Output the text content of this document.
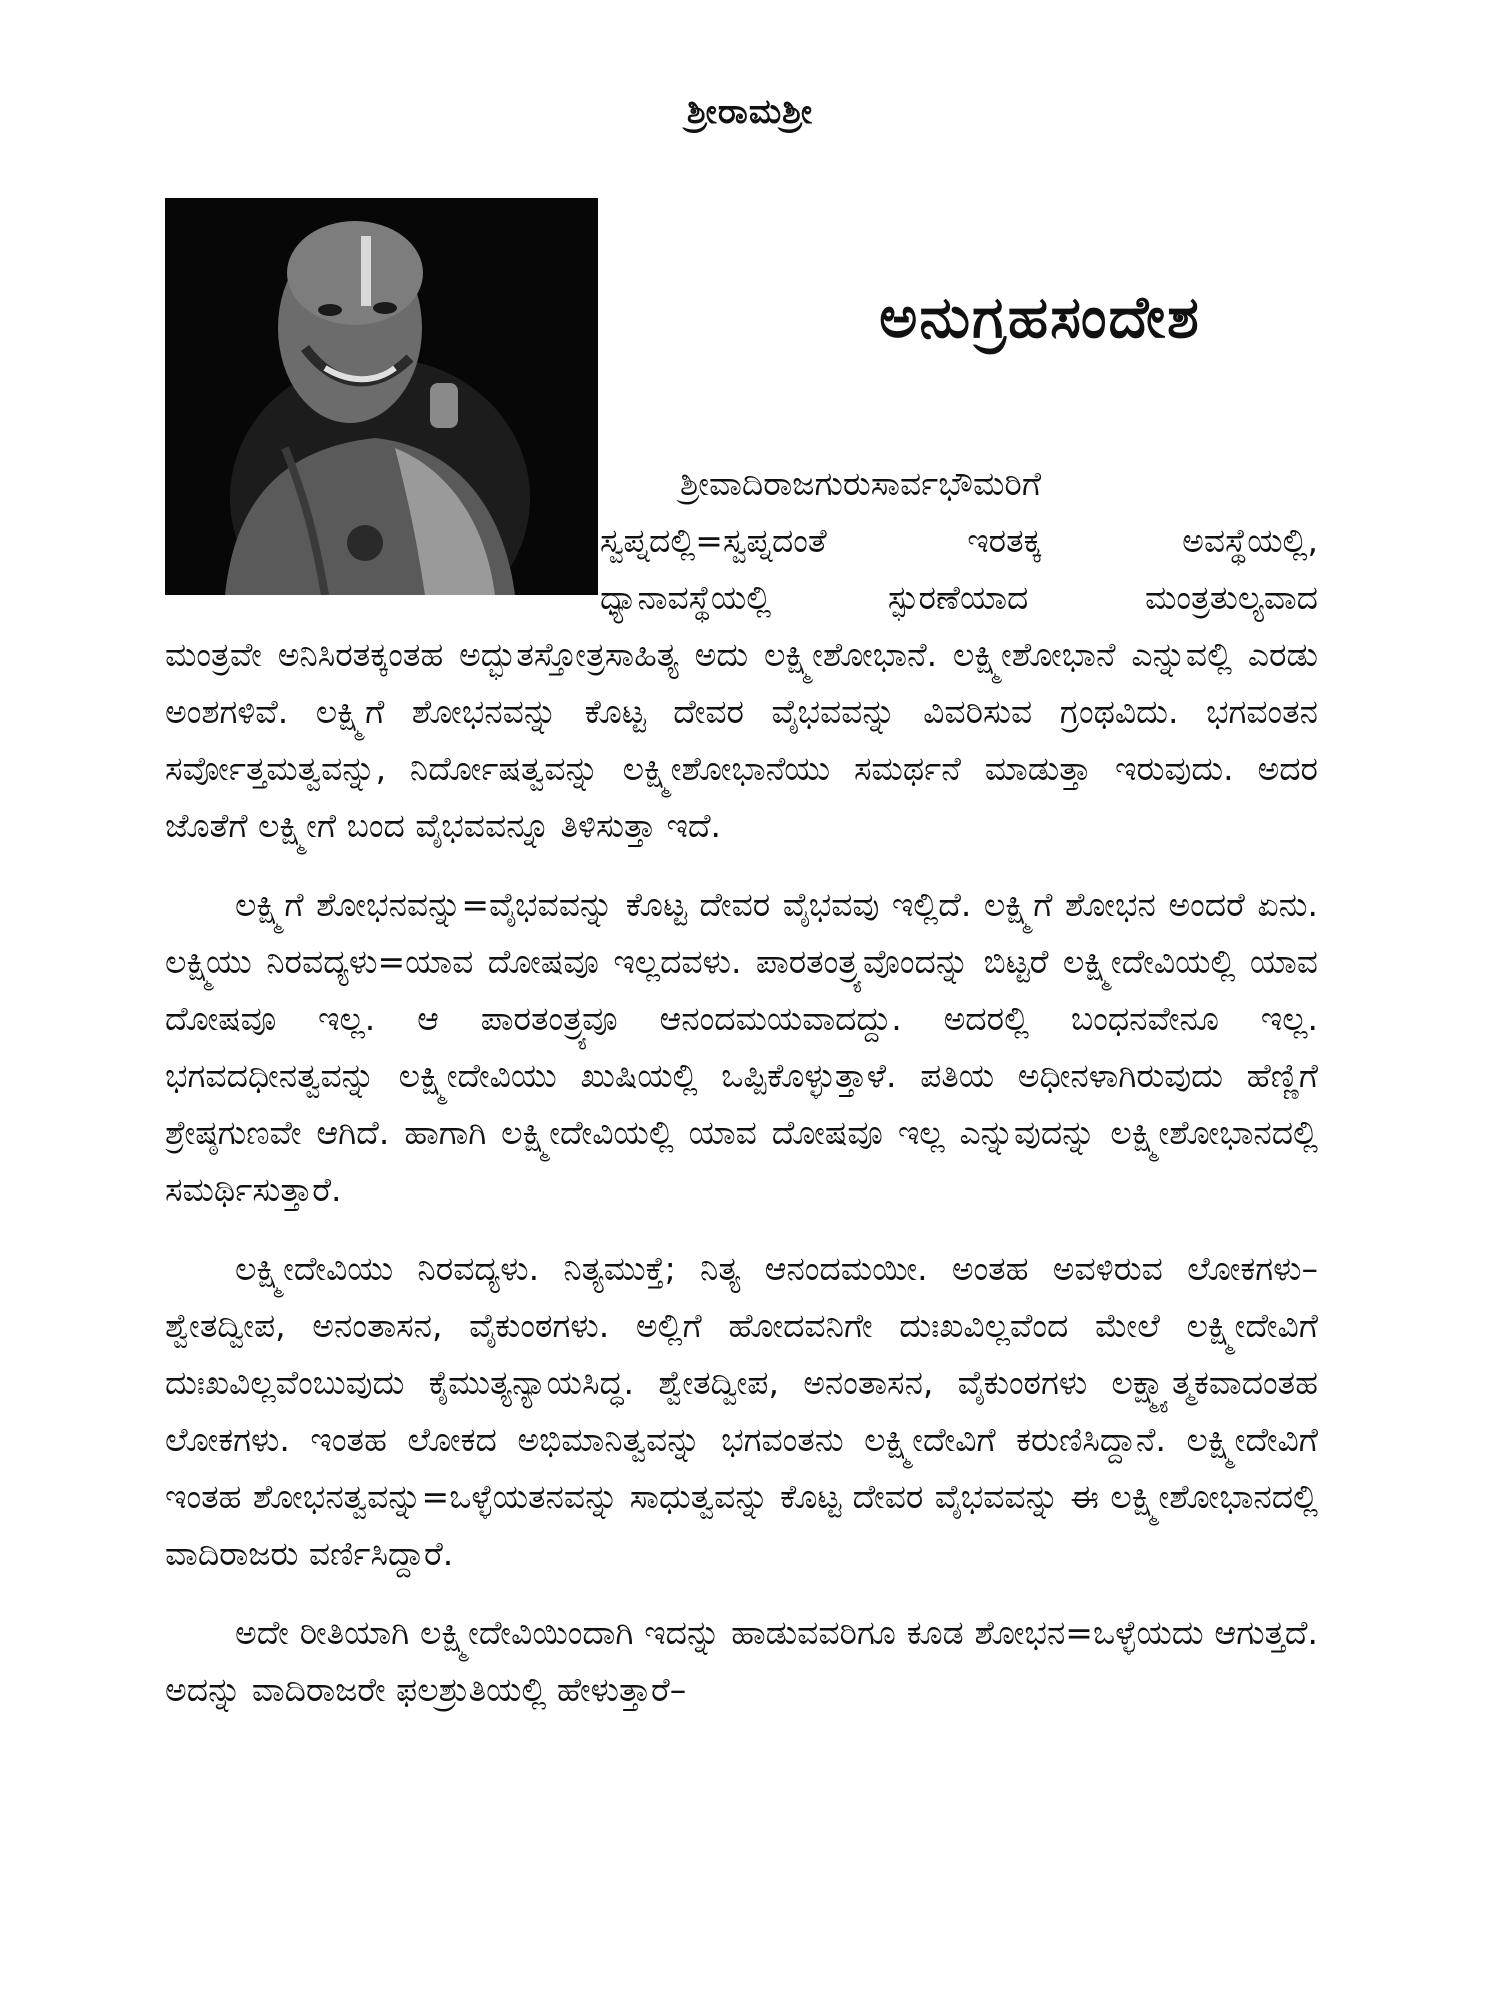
ಶ್ರೀರಾಮಶ್ರೀ
ಅನುಗ್ರಹಸಂದೇಶ
ಶ್ರೀವಾದಿರಾಜಗುರುಸಾರ್ವಭೌಮರಿಗೆ
ಸ್ವಪ್ನದಲ್ಲಿ=ಸ್ವಪ್ನದಂತೆ ಇರತಕ್ಕ ಅವಸ್ಥೆಯಲ್ಲಿ,
ಧ್ಯಾನಾವಸ್ಥೆಯಲ್ಲಿ ಸ್ಫುರಣೆಯಾದ ಮಂತ್ರತುಲ್ಯವಾದ

ಮಂತ್ರವೇ ಅನಿಸಿರತಕ್ಕಂತಹ ಅದ್ಭುತಸ್ತೋತ್ರಸಾಹಿತ್ಯ ಅದು ಲಕ್ಷ್ಮೀಶೋಭಾನೆ. ಲಕ್ಷ್ಮೀಶೋಭಾನೆ ಎನ್ನುವಲ್ಲಿ ಎರಡು ಅಂಶಗಳಿವೆ. ಲಕ್ಷ್ಮಿಗೆ ಶೋಭನವನ್ನು ಕೊಟ್ಟ ದೇವರ ವೈಭವವನ್ನು ವಿವರಿಸುವ ಗ್ರಂಥವಿದು. ಭಗವಂತನ ಸರ್ವೋತ್ತಮತ್ವವನ್ನು, ನಿರ್ದೋಷತ್ವವನ್ನು ಲಕ್ಷ್ಮೀಶೋಭಾನೆಯು ಸಮರ್ಥನೆ ಮಾಡುತ್ತಾ ಇರುವುದು. ಅದರ ಜೊತೆಗೆ ಲಕ್ಷ್ಮೀಗೆ ಬಂದ ವೈಭವವನ್ನೂ ತಿಳಿಸುತ್ತಾ ಇದೆ.

ಲಕ್ಷ್ಮಿಗೆ ಶೋಭನವನ್ನು=ವೈಭವವನ್ನು ಕೊಟ್ಟ ದೇವರ ವೈಭವವು ಇಲ್ಲಿದೆ. ಲಕ್ಷ್ಮಿಗೆ ಶೋಭನ ಅಂದರೆ ಏನು. ಲಕ್ಷ್ಮಿಯು ನಿರವದ್ಯಳು=ಯಾವ ದೋಷವೂ ಇಲ್ಲದವಳು. ಪಾರತಂತ್ರ್ಯವೊಂದನ್ನು ಬಿಟ್ಟರೆ ಲಕ್ಷ್ಮೀದೇವಿಯಲ್ಲಿ ಯಾವ ದೋಷವೂ ಇಲ್ಲ. ಆ ಪಾರತಂತ್ರ್ಯವೂ ಆನಂದಮಯವಾದದ್ದು. ಅದರಲ್ಲಿ ಬಂಧನವೇನೂ ಇಲ್ಲ. ಭಗವದಧೀನತ್ವವನ್ನು ಲಕ್ಷ್ಮೀದೇವಿಯು ಖುಷಿಯಲ್ಲಿ ಒಪ್ಪಿಕೊಳ್ಳುತ್ತಾಳೆ. ಪತಿಯ ಅಧೀನಳಾಗಿರುವುದು ಹೆಣ್ಣಿಗೆ ಶ್ರೇಷ್ಠಗುಣವೇ ಆಗಿದೆ. ಹಾಗಾಗಿ ಲಕ್ಷ್ಮೀದೇವಿಯಲ್ಲಿ ಯಾವ ದೋಷವೂ ಇಲ್ಲ ಎನ್ನುವುದನ್ನು ಲಕ್ಷ್ಮೀಶೋಭಾನದಲ್ಲಿ ಸಮರ್ಥಿಸುತ್ತಾರೆ.

ಲಕ್ಷ್ಮೀದೇವಿಯು ನಿರವದ್ಯಳು. ನಿತ್ಯಮುಕ್ತೆ; ನಿತ್ಯ ಆನಂದಮಯೀ. ಅಂತಹ ಅವಳಿರುವ ಲೋಕಗಳು– ಶ್ವೇತದ್ವೀಪ, ಅನಂತಾಸನ, ವೈಕುಂಠಗಳು. ಅಲ್ಲಿಗೆ ಹೋದವನಿಗೇ ದುಃಖವಿಲ್ಲವೆಂದ ಮೇಲೆ ಲಕ್ಷ್ಮೀದೇವಿಗೆ ದುಃಖವಿಲ್ಲವೆಂಬುವುದು ಕೈಮುತ್ಯನ್ಯಾಯಸಿದ್ಧ. ಶ್ವೇತದ್ವೀಪ, ಅನಂತಾಸನ, ವೈಕುಂಠಗಳು ಲಕ್ಷ್ಮ್ಯಾತ್ಮಕವಾದಂತಹ ಲೋಕಗಳು. ಇಂತಹ ಲೋಕದ ಅಭಿಮಾನಿತ್ವವನ್ನು ಭಗವಂತನು ಲಕ್ಷ್ಮೀದೇವಿಗೆ ಕರುಣಿಸಿದ್ದಾನೆ. ಲಕ್ಷ್ಮೀದೇವಿಗೆ ಇಂತಹ ಶೋಭನತ್ವವನ್ನು=ಒಳ್ಳೆಯತನವನ್ನು ಸಾಧುತ್ವವನ್ನು ಕೊಟ್ಟ ದೇವರ ವೈಭವವನ್ನು ಈ ಲಕ್ಷ್ಮೀಶೋಭಾನದಲ್ಲಿ ವಾದಿರಾಜರು ವರ್ಣಿಸಿದ್ದಾರೆ.

ಅದೇ ರೀತಿಯಾಗಿ ಲಕ್ಷ್ಮೀದೇವಿಯಿಂದಾಗಿ ಇದನ್ನು ಹಾಡುವವರಿಗೂ ಕೂಡ ಶೋಭನ=ಒಳ್ಳೆಯದು ಆಗುತ್ತದೆ. ಅದನ್ನು ವಾದಿರಾಜರೇ ಫಲಶ್ರುತಿಯಲ್ಲಿ ಹೇಳುತ್ತಾರೆ–
